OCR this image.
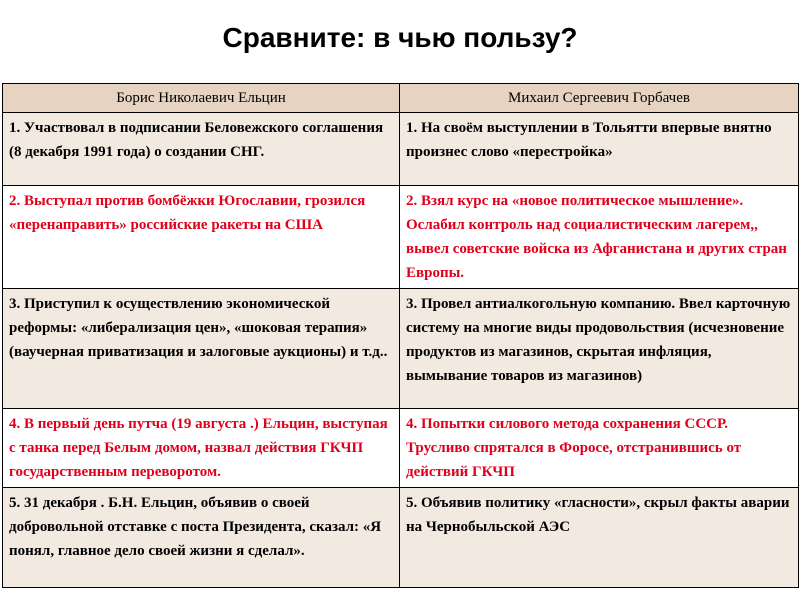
Сравните: в чью пользу?
Борис Николаевич Ельцин	Михаил Сергеевич Горбачев
1. Участвовал в подписании Беловежского соглашения (8 декабря 1991 года) о создании СНГ.	1. На своём выступлении в Тольятти впервые внятно произнес слово «перестройка»
2. Выступал против бомбёжки Югославии, грозился «перенаправить» российские ракеты на США	2. Взял курс на «новое политическое мышление». Ослабил контроль над социалистическим лагерем,, вывел советские войска из Афганистана и других стран Европы.
3. Приступил к осуществлению экономической реформы: «либерализация цен», «шоковая терапия» (ваучерная приватизация и залоговые аукционы) и т.д..	3. Провел антиалкогольную компанию. Ввел карточную систему на многие виды продовольствия (исчезновение продуктов из магазинов, скрытая инфляция, вымывание товаров из магазинов)
4. В первый день путча (19 августа .) Ельцин, выступая с танка перед Белым домом, назвал действия ГКЧП государственным переворотом.	4. Попытки силового метода сохранения СССР. Трусливо спрятался в Форосе, отстранившись от действий ГКЧП
5. 31 декабря . Б.Н. Ельцин, объявив о своей добровольной отставке с поста Президента, сказал: «Я понял, главное дело своей жизни я сделал».	5. Объявив политику «гласности», скрыл факты аварии на Чернобыльской АЭС
